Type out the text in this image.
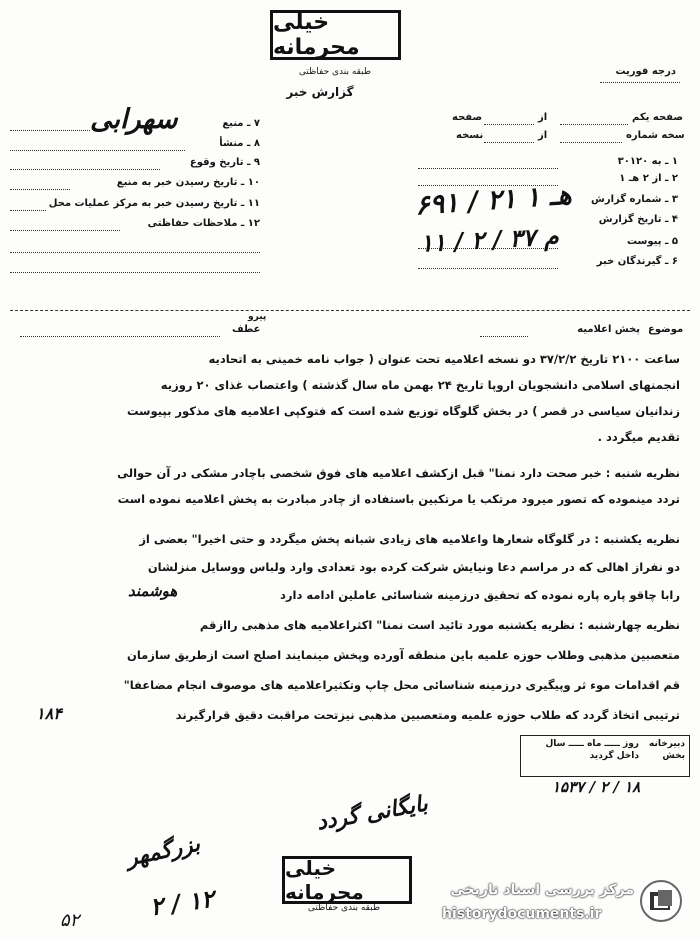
خیلی محرمانه
طبقه بندی حفاظتی
گزارش خبر
درجه فوریت
صفحه یکم
از
صفحه
سخه شماره
از
نسخه
۱ ـ به ۳۰۱۲۰
۲ ـ از ۲ هـ ۱
۳ ـ شماره گزارش
۴ ـ تاریخ گزارش
۵ ـ پیوست
۶ ـ گیرندگان خبر
۶۹۱ / ۲۱ هـ ۱
۱۱ / ۲ / ۳۷ م
۷ ـ منبع
سهرابی
۸ ـ منشأ
۹ ـ تاریخ وقوع
۱۰ ـ تاریخ رسیدن خبر به منبع
۱۱ ـ تاریخ رسیدن خبر به مرکز عملیات محل
۱۲ ـ ملاحظات حفاظتی
موضوع
پخش اعلامیه
پیرو
عطف
ساعت ۲۱۰۰ تاریخ ۳۷/۲/۲ دو نسخه اعلامیه تحت عنوان ( جواب نامه خمینی به اتحادیه
انجمنهای اسلامی دانشجویان اروپا تاریخ ۲۴ بهمن ماه سال گذشته ) واعتصاب غذای ۲۰ روزیه
زندانیان سیاسی در قصر ) در بخش گلوگاه توزیع شده است که فتوکپی اعلامیه های مذکور بپیوست
تقدیم میگردد .
نظریه شنبه : خبر صحت دارد نمنا" قبل ازکشف اعلامیه های فوق شخصی باچادر مشکی در آن حوالی
تردد مینموده که تصور میرود مرتکب یا مرتکبین باستفاده از چادر مبادرت به پخش اعلامیه نموده است
نظریه یکشنبه : در گلوگاه شعارها واعلامیه های زیادی شبانه پخش میگردد و حتی اخیرا" بعضی از
دو نفراز اهالی که در مراسم دعا ونیایش شرکت کرده بود تعدادی وارد ولباس ووسایل منزلشان
رابا چاقو پاره پاره نموده که تحقیق درزمینه شناسائی عاملین ادامه دارد
هوشمند
نظریه چهارشنبه : نظریه یکشنبه مورد تائید است نمنا" اکثراعلامیه های مذهبی راازقم
متعصبین مذهبی وطلاب حوزه علمیه باین منطقه آورده وپخش مینمایند اصلح است ازطریق سازمان
قم اقدامات موء ثر وپیگیری درزمینه شناسائی محل چاپ وتکثیراعلامیه های موصوف انجام مضاعفا"
ترتیبی اتخاذ گردد که طلاب حوزه علمیه ومتعصبین مذهبی نیزتحت مراقبت دقیق قرارگیرند
۱۸۴
دبیرخانه
روز ـــــ ماه ـــــ سال
بخش
داخل گردید
۱۵۳۷ / ۲ / ۱۸
بایگانی گردد
بزرگمهر
۲ / ۱۲
۵۲
خیلی محرمانه
طبقه بندی حفاظتی
مرکز بررسی اسناد تاریخی
historydocuments.ir
